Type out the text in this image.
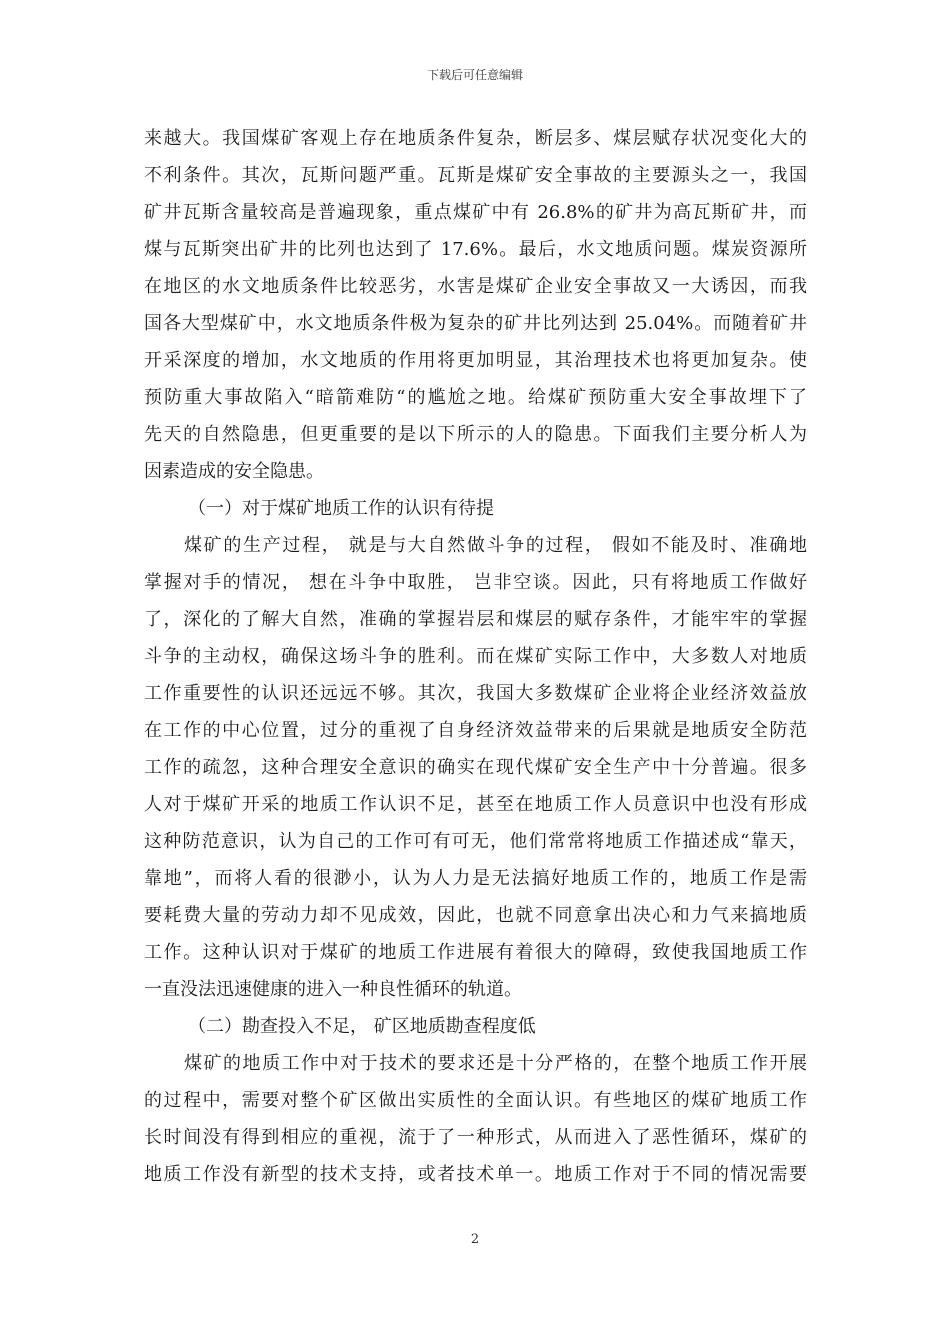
下载后可任意编辑
来越大。我国煤矿客观上存在地质条件复杂，断层多、煤层赋存状况变化大的
不利条件。其次，瓦斯问题严重。瓦斯是煤矿安全事故的主要源头之一，我国
矿井瓦斯含量较高是普遍现象，重点煤矿中有 26.8%的矿井为高瓦斯矿井，而
煤与瓦斯突出矿井的比列也达到了 17.6%。最后，水文地质问题。煤炭资源所
在地区的水文地质条件比较恶劣，水害是煤矿企业安全事故又一大诱因，而我
国各大型煤矿中，水文地质条件极为复杂的矿井比列达到 25.04%。而随着矿井
开采深度的增加，水文地质的作用将更加明显，其治理技术也将更加复杂。使
预防重大事故陷入“暗箭难防“的尴尬之地。给煤矿预防重大安全事故埋下了
先天的自然隐患，但更重要的是以下所示的人的隐患。下面我们主要分析人为
因素造成的安全隐患。
（一）对于煤矿地质工作的认识有待提
煤矿的生产过程， 就是与大自然做斗争的过程， 假如不能及时、准确地
掌握对手的情况， 想在斗争中取胜， 岂非空谈。因此，只有将地质工作做好
了，深化的了解大自然，准确的掌握岩层和煤层的赋存条件，才能牢牢的掌握
斗争的主动权，确保这场斗争的胜利。而在煤矿实际工作中，大多数人对地质
工作重要性的认识还远远不够。其次，我国大多数煤矿企业将企业经济效益放
在工作的中心位置，过分的重视了自身经济效益带来的后果就是地质安全防范
工作的疏忽，这种合理安全意识的确实在现代煤矿安全生产中十分普遍。很多
人对于煤矿开采的地质工作认识不足，甚至在地质工作人员意识中也没有形成
这种防范意识，认为自己的工作可有可无，他们常常将地质工作描述成“靠天，
靠地”，而将人看的很渺小，认为人力是无法搞好地质工作的，地质工作是需
要耗费大量的劳动力却不见成效，因此，也就不同意拿出决心和力气来搞地质
工作。这种认识对于煤矿的地质工作进展有着很大的障碍，致使我国地质工作
一直没法迅速健康的进入一种良性循环的轨道。
（二）勘查投入不足， 矿区地质勘查程度低
煤矿的地质工作中对于技术的要求还是十分严格的，在整个地质工作开展
的过程中，需要对整个矿区做出实质性的全面认识。有些地区的煤矿地质工作
长时间没有得到相应的重视，流于了一种形式，从而进入了恶性循环，煤矿的
地质工作没有新型的技术支持，或者技术单一。地质工作对于不同的情况需要
2
